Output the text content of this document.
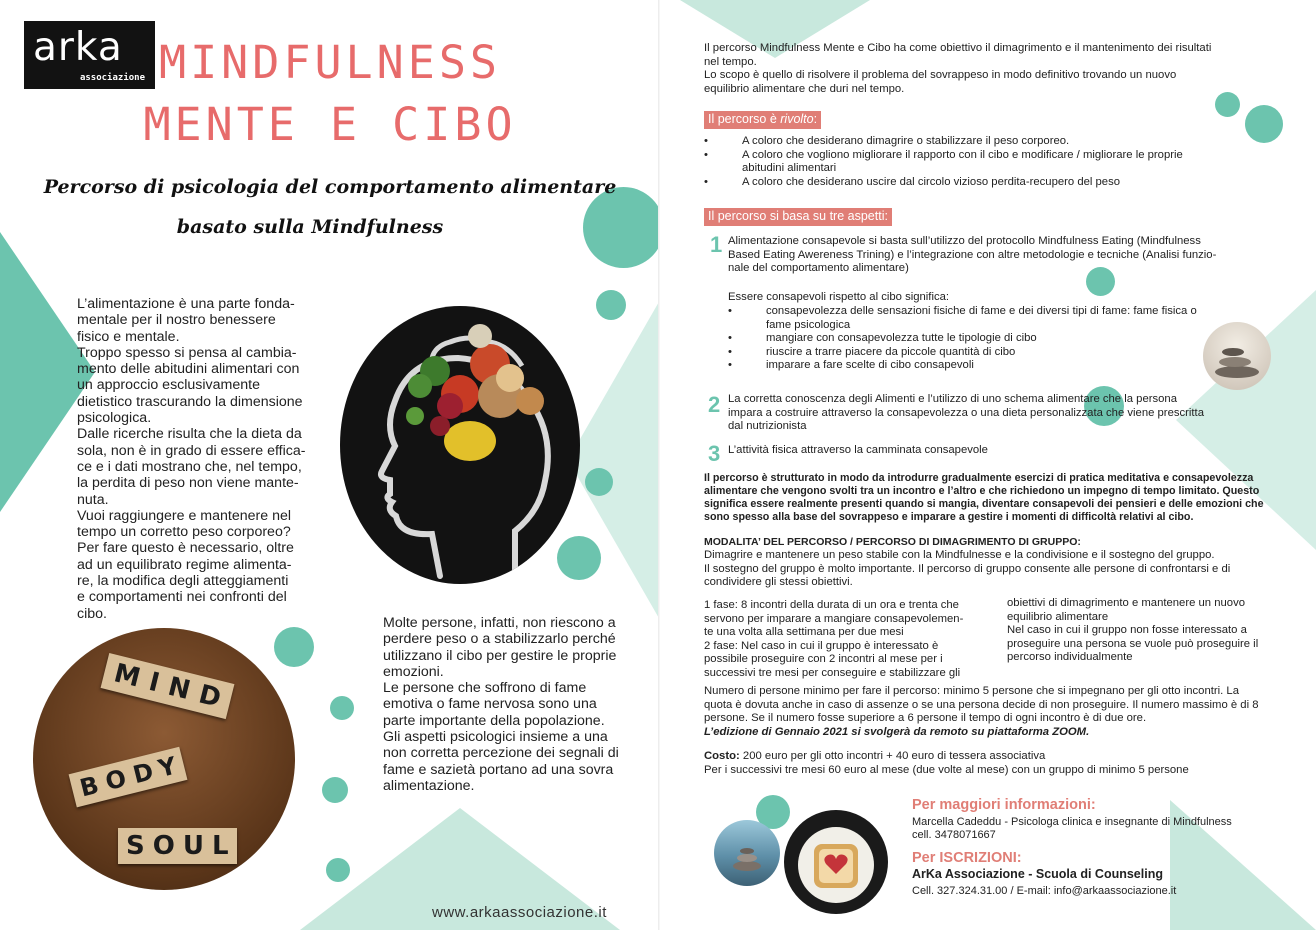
arka
associazione MINDFULNESS
MENTE E CIBO
Percorso di psicologia del comportamento alimentare
basato sulla Mindfulness
L’alimentazione è una parte fonda-
mentale per il nostro benessere
fisico e mentale.
Troppo spesso si pensa al cambia-
mento delle abitudini alimentari con
un approccio esclusivamente
dietistico trascurando la dimensione
psicologica.
Dalle ricerche risulta che la dieta da
sola, non è in grado di essere effica-
ce e i dati mostrano che, nel tempo,
la perdita di peso non viene mante-
nuta.
Vuoi raggiungere e mantenere nel
tempo un corretto peso corporeo?
Per fare questo è necessario, oltre
ad un equilibrato regime alimenta-
re, la modifica degli atteggiamenti
e comportamenti nei confronti del
cibo.
MIND
BODY
SOUL
Molte persone, infatti, non riescono a
perdere peso o a stabilizzarlo perché
utilizzano il cibo per gestire le proprie
emozioni.
Le persone che soffrono di fame
emotiva o fame nervosa sono una
parte importante della popolazione.
Gli aspetti psicologici insieme a una
non corretta percezione dei segnali di
fame e sazietà portano ad una sovra
alimentazione.
www.arkaassociazione.it
Il percorso Mindfulness Mente e Cibo ha come obiettivo il dimagrimento e il mantenimento dei risultati
nel tempo.
Lo scopo è quello di risolvere il problema del sovrappeso in modo definitivo trovando un nuovo
equilibrio alimentare che duri nel tempo.
Il percorso è rivolto:
•	A coloro che desiderano dimagrire o stabilizzare il peso corporeo.
•	A coloro che vogliono migliorare il rapporto con il cibo e modificare / migliorare le proprie
abitudini alimentari
•	A coloro che desiderano uscire dal circolo vizioso perdita-recupero del peso
Il percorso si basa su tre aspetti:
1 Alimentazione consapevole si basta sull’utilizzo del protocollo Mindfulness Eating (Mindfulness
Based Eating Awereness Trining) e l’integrazione con altre metodologie e tecniche (Analisi funzio-
nale del comportamento alimentare)
Essere consapevoli rispetto al cibo significa:
•	consapevolezza delle sensazioni fisiche di fame e dei diversi tipi di fame: fame fisica o
fame psicologica
•	mangiare con consapevolezza tutte le tipologie di cibo
•	riuscire a trarre piacere da piccole quantità di cibo
•	imparare a fare scelte di cibo consapevoli
2 La corretta conoscenza degli Alimenti e l’utilizzo di uno schema alimentare che la persona
impara a costruire attraverso la consapevolezza o una dieta personalizzata che viene prescritta
dal nutrizionista
3 L’attività fisica attraverso la camminata consapevole
Il percorso è strutturato in modo da introdurre gradualmente esercizi di pratica meditativa e consapevolezza
alimentare che vengono svolti tra un incontro e l’altro e che richiedono un impegno di tempo limitato. Questo
significa essere realmente presenti quando si mangia, diventare consapevoli dei pensieri e delle emozioni che
sono spesso alla base del sovrappeso e imparare a gestire i momenti di difficoltà relativi al cibo.
MODALITA’ DEL PERCORSO / PERCORSO DI DIMAGRIMENTO DI GRUPPO:
Dimagrire e mantenere un peso stabile con la Mindfulnesse e la condivisione e il sostegno del gruppo.
Il sostegno del gruppo è molto importante. Il percorso di gruppo consente alle persone di confrontarsi e di
condividere gli stessi obiettivi.
1 fase: 8 incontri della durata di un ora e trenta che
servono per imparare a mangiare consapevolemen-
te una volta alla settimana per due mesi
2 fase: Nel caso in cui il gruppo è interessato è
possibile proseguire con 2 incontri al mese per i
successivi tre mesi per conseguire e stabilizzare gli
obiettivi di dimagrimento e mantenere un nuovo
equilibrio alimentare
Nel caso in cui il gruppo non fosse interessato a
proseguire una persona se vuole può proseguire il
percorso individualmente
Numero di persone minimo per fare il percorso: minimo 5 persone che si impegnano per gli otto incontri. La
quota è dovuta anche in caso di assenze o se una persona decide di non proseguire. Il numero massimo è di 8
persone. Se il numero fosse superiore a 6 persone il tempo di ogni incontro è di due ore.
L’edizione di Gennaio 2021 si svolgerà da remoto su piattaforma ZOOM.
Costo: 200 euro per gli otto incontri + 40 euro di tessera associativa
Per i successivi tre mesi 60 euro al mese (due volte al mese) con un gruppo di minimo 5 persone
Per maggiori informazioni:
Marcella Cadeddu - Psicologa clinica e insegnante di Mindfulness
cell. 3478071667
Per ISCRIZIONI:
ArKa Associazione - Scuola di Counseling
Cell. 327.324.31.00 / E-mail: info@arkaassociazione.it
